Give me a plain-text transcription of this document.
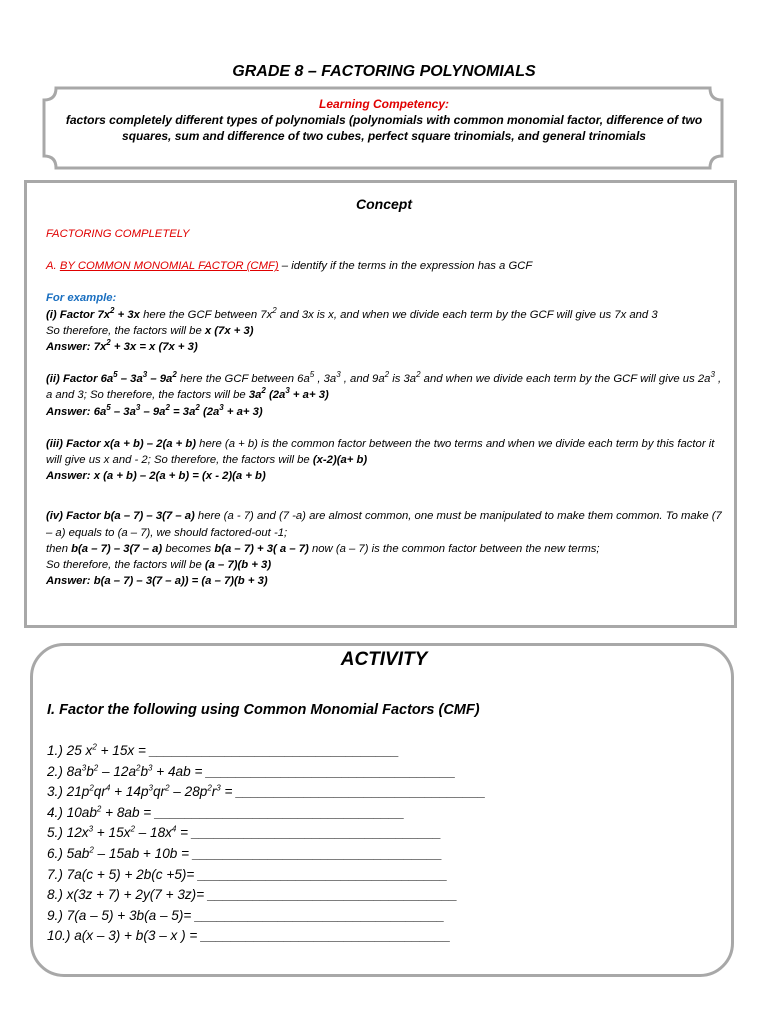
GRADE 8 – FACTORING POLYNOMIALS
Learning Competency:
factors completely different types of polynomials (polynomials with common monomial factor, difference of two squares, sum and difference of two cubes, perfect square trinomials, and general trinomials
Concept

FACTORING COMPLETELY

A. BY COMMON MONOMIAL FACTOR (CMF) – identify if the terms in the expression has a GCF

For example:

(i) Factor $7x^2 + 3x$ here the GCF between $7x^2$ and 3x is x, and when we divide each term by the GCF will give us 7x and 3

So therefore, the factors will be x (7x + 3)

Answer: $7x^2 + 3x = x$ (7x + 3)

(ii) Factor $6a^5 - 3a^3 - 9a^2$ here the GCF between $6a^5$ , $3a^3$ , and $9a^2$ is $3a^2$ and when we divide each term by the GCF will give us $2a^3$ , a and 3; So therefore, the factors will be $3a^2$ $(2a^3 + a+ 3)$

Answer: $6a^5 - 3a^3 - 9a^2 = 3a^2$ $(2a^3 + a+ 3)$

(iii) Factor x(a + b) – 2(a + b) here (a + b) is the common factor between the two terms and when we divide each term by this factor it will give us x and - 2; So therefore, the factors will be (x-2)(a+ b)

Answer: x (a + b) – 2(a + b) = (x - 2)(a + b)

(iv) Factor b(a – 7) – 3(7 – a) here (a - 7) and (7 -a) are almost common, one must be manipulated to make them common. To make (7 – a) equals to (a – 7), we should factored-out -1;

then b(a – 7) – 3(7 – a) becomes b(a – 7) + 3( a – 7) now (a – 7) is the common factor between the new terms;

So therefore, the factors will be (a – 7)(b + 3)

Answer: b(a – 7) – 3(7 – a)) = (a – 7)(b + 3)

ACTIVITY
I. Factor the following using Common Monomial Factors (CMF)
1.) 25 $x^2 + 15x$ = _________________________________
2.) $8a^3b^2 - 12a^2b^3 + 4ab$ = _________________________________
3.) $21p^2qr^4 + 14p^3qr^2 - 28p^2r^3$ = _________________________________
4.) $10ab^2 + 8ab$ = _________________________________
5.) $12x^3 + 15x^2 - 18x^4$ = _________________________________
6.) $5ab^2 - 15ab + 10b$ = _________________________________
7.) 7a(c + 5) + 2b(c +5)= _________________________________
8.) x(3z + 7) + 2y(7 + 3z)= _________________________________
9.) 7(a – 5) + 3b(a – 5)= _________________________________
10.) a(x – 3) + b(3 – x ) = _________________________________
